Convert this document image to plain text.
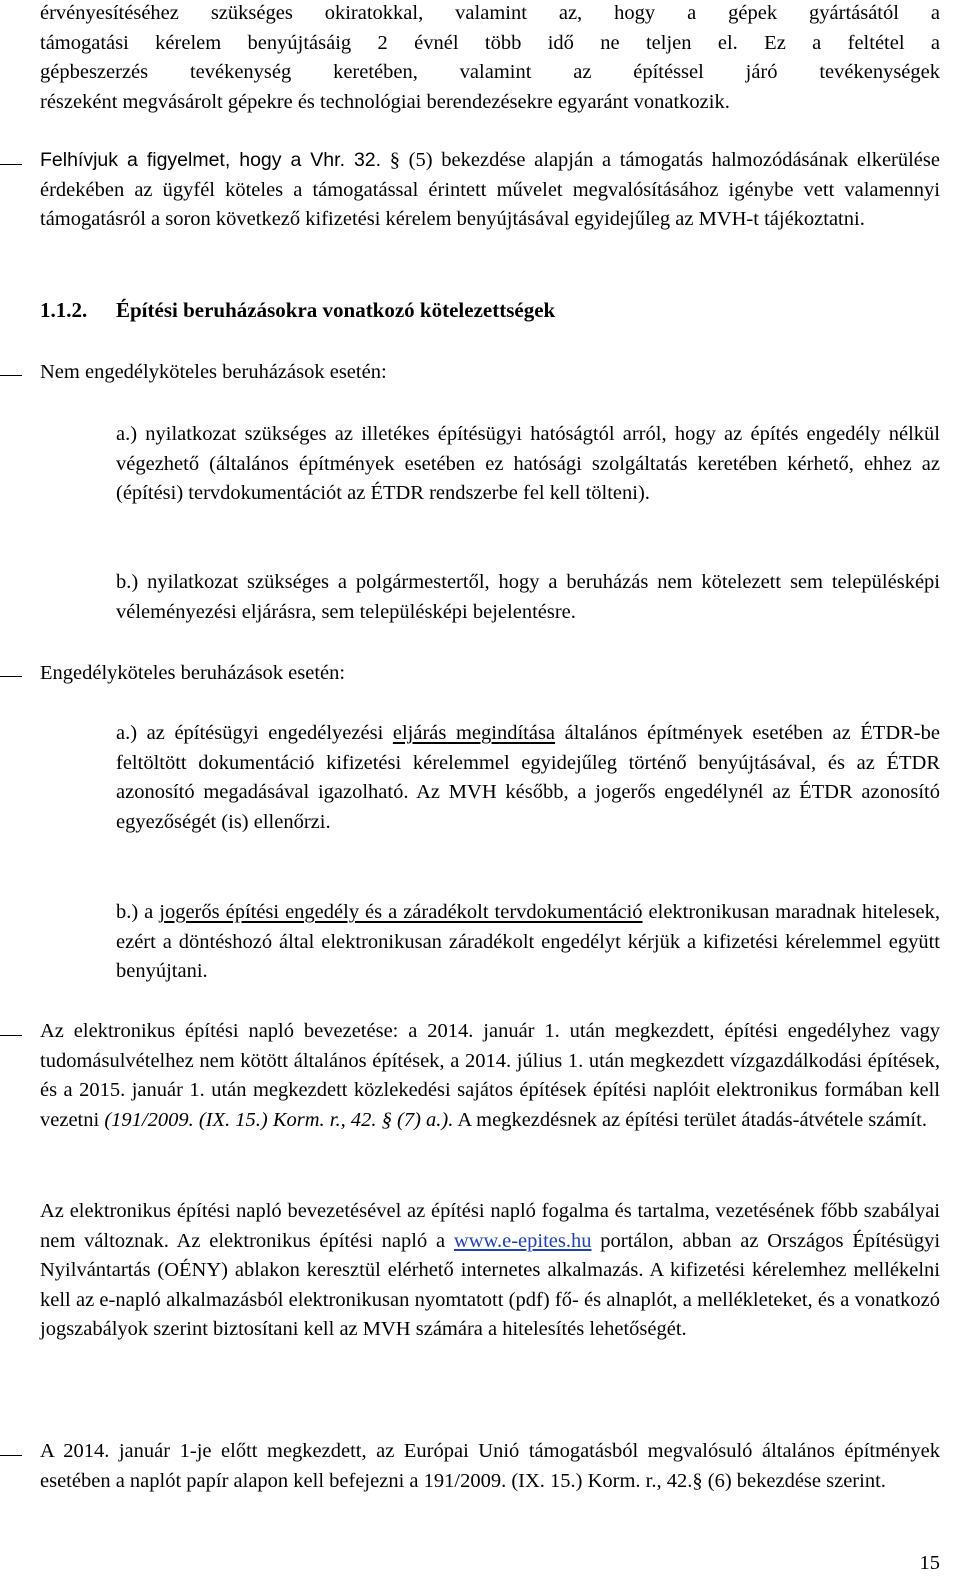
érvényesítéséhez szükséges okiratokkal, valamint az, hogy a gépek gyártásától a
támogatási kérelem benyújtásáig 2 évnél több idő ne teljen el. Ez a feltétel a
gépbeszerzés tevékenység keretében, valamint az építéssel járó tevékenységek
részeként megvásárolt gépekre és technológiai berendezésekre egyaránt vonatkozik.

Felhívjuk a figyelmet, hogy a Vhr. 32. § (5) bekezdése alapján a támogatás halmozódásának elkerülése érdekében az ügyfél köteles a támogatással érintett művelet megvalósításához igénybe vett valamennyi támogatásról a soron következő kifizetési kérelem benyújtásával egyidejűleg az MVH-t tájékoztatni.

1.1.2. Építési beruházásokra vonatkozó kötelezettségek

Nem engedélyköteles beruházások esetén:

a.) nyilatkozat szükséges az illetékes építésügyi hatóságtól arról, hogy az építés engedély nélkül végezhető (általános építmények esetében ez hatósági szolgáltatás keretében kérhető, ehhez az (építési) tervdokumentációt az ÉTDR rendszerbe fel kell tölteni).

b.) nyilatkozat szükséges a polgármestertől, hogy a beruházás nem kötelezett sem településképi véleményezési eljárásra, sem településképi bejelentésre.

Engedélyköteles beruházások esetén:

a.) az építésügyi engedélyezési eljárás megindítása általános építmények esetében az ÉTDR-be feltöltött dokumentáció kifizetési kérelemmel egyidejűleg történő benyújtásával, és az ÉTDR azonosító megadásával igazolható. Az MVH később, a jogerős engedélynél az ÉTDR azonosító egyezőségét (is) ellenőrzi.

b.) a jogerős építési engedély és a záradékolt tervdokumentáció elektronikusan maradnak hitelesek, ezért a döntéshozó által elektronikusan záradékolt engedélyt kérjük a kifizetési kérelemmel együtt benyújtani.

Az elektronikus építési napló bevezetése: a 2014. január 1. után megkezdett, építési engedélyhez vagy tudomásulvételhez nem kötött általános építések, a 2014. július 1. után megkezdett vízgazdálkodási építések, és a 2015. január 1. után megkezdett közlekedési sajátos építések építési naplóit elektronikus formában kell vezetni (191/2009. (IX. 15.) Korm. r., 42. § (7) a.). A megkezdésnek az építési terület átadás-átvétele számít.

Az elektronikus építési napló bevezetésével az építési napló fogalma és tartalma, vezetésének főbb szabályai nem változnak. Az elektronikus építési napló a www.e-epites.hu portálon, abban az Országos Építésügyi Nyilvántartás (OÉNY) ablakon keresztül elérhető internetes alkalmazás. A kifizetési kérelemhez mellékelni kell az e-napló alkalmazásból elektronikusan nyomtatott (pdf) fő- és alnaplót, a mellékleteket, és a vonatkozó jogszabályok szerint biztosítani kell az MVH számára a hitelesítés lehetőségét.

A 2014. január 1-je előtt megkezdett, az Európai Unió támogatásból megvalósuló általános építmények esetében a naplót papír alapon kell befejezni a 191/2009. (IX. 15.) Korm. r., 42.§ (6) bekezdése szerint.

15
